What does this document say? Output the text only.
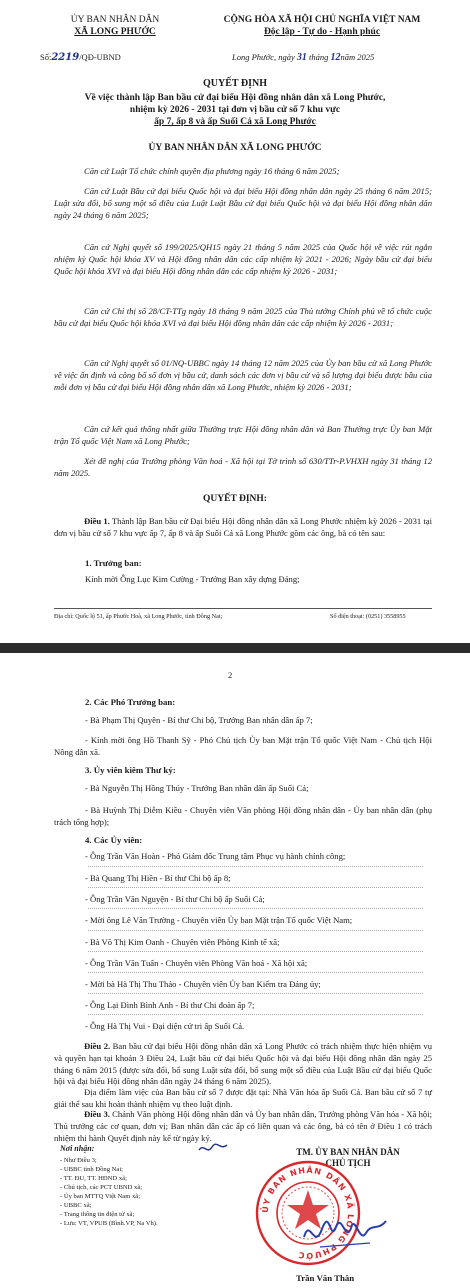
ỦY BAN NHÂN DÂN
XÃ LONG PHƯỚC
CỘNG HÒA XÃ HỘI CHỦ NGHĨA VIỆT NAM
Độc lập - Tự do - Hạnh phúc
Số:2219/QĐ-UBND	Long Phước, ngày 31 tháng 12năm 2025
QUYẾT ĐỊNH
Về việc thành lập Ban bầu cử đại biểu Hội đồng nhân dân xã Long Phước,
nhiệm kỳ 2026 - 2031 tại đơn vị bầu cử số 7 khu vực
ấp 7, ấp 8 và ấp Suối Cả xã Long Phước
ỦY BAN NHÂN DÂN XÃ LONG PHƯỚC

Căn cứ Luật Tổ chức chính quyền địa phương ngày 16 tháng 6 năm 2025;

Căn cứ Luật Bầu cử đại biểu Quốc hội và đại biểu Hội đồng nhân dân ngày 25 tháng 6 năm 2015; Luật sửa đổi, bổ sung một số điều của Luật Luật Bầu cử đại biểu Quốc hội và đại biểu Hội đồng nhân dân ngày 24 tháng 6 năm 2025;

Căn cứ Nghị quyết số 199/2025/QH15 ngày 21 tháng 5 năm 2025 của Quốc hội về việc rút ngắn nhiệm kỳ Quốc hội khóa XV và Hội đồng nhân dân các cấp nhiệm kỳ 2021 - 2026; Ngày bầu cử đại biểu Quốc hội khóa XVI và đại biểu Hội đồng nhân dân các cấp nhiệm kỳ 2026 - 2031;

Căn cứ Chỉ thị số 28/CT-TTg ngày 18 tháng 9 năm 2025 của Thủ tướng Chính phủ về tổ chức cuộc bầu cử đại biểu Quốc hội khóa XVI và đại biểu Hội đồng nhân dân các cấp nhiệm kỳ 2026 - 2031;

Căn cứ Nghị quyết số 01/NQ-UBBC ngày 14 tháng 12 năm 2025 của Ủy ban bầu cử xã Long Phước về việc ấn định và công bố số đơn vị bầu cử, danh sách các đơn vị bầu cử và số lượng đại biểu được bầu của mỗi đơn vị bầu cử đại biểu Hội đồng nhân dân xã Long Phước, nhiệm kỳ 2026 - 2031;

Căn cứ kết quả thống nhất giữa Thường trực Hội đồng nhân dân và Ban Thường trực Ủy ban Mặt trận Tổ quốc Việt Nam xã Long Phước;

Xét đề nghị của Trưởng phòng Văn hoá - Xã hội tại Tờ trình số 630/TTr-P.VHXH ngày 31 tháng 12 năm 2025.

QUYẾT ĐỊNH:

Điều 1. Thành lập Ban bầu cử Đại biểu Hội đồng nhân dân xã Long Phước nhiệm kỳ 2026 - 2031 tại đơn vị bầu cử số 7 khu vực ấp 7, ấp 8 và ấp Suối Cả xã Long Phước gồm các ông, bà có tên sau:

1. Trưởng ban:
Kính mời Ông Lục Kim Cường - Trưởng Ban xây dựng Đảng;
Địa chỉ: Quốc lộ 51, ấp Phước Hoà, xã Long Phước, tỉnh Đồng Nai;	Số điện thoại: (0251) 3558955
2
2. Các Phó Trưởng ban:
- Bà Phạm Thị Quyên - Bí thư Chi bộ, Trưởng Ban nhân dân ấp 7;

- Kính mời ông Hồ Thanh Sỹ - Phó Chủ tịch Ủy ban Mặt trận Tổ quốc Việt Nam - Chủ tịch Hội Nông dân xã.

3. Ủy viên kiêm Thư ký:
- Bà Nguyễn Thị Hồng Thúy - Trưởng Ban nhân dân ấp Suối Cả;

- Bà Huỳnh Thị Diễm Kiều - Chuyên viên Văn phòng Hội đồng nhân dân - Ủy ban nhân dân (phụ trách tổng hợp);

4. Các Ủy viên:
- Ông Trần Văn Hoàn - Phó Giám đốc Trung tâm Phục vụ hành chính công;
- Bà Quang Thị Hiền - Bí thư Chi bộ ấp 8;
- Ông Trần Văn Nguyện - Bí thư Chi bộ ấp Suối Cả;
- Mời ông Lê Văn Trường - Chuyên viên Ủy ban Mặt trận Tổ quốc Việt Nam;
- Bà Võ Thị Kim Oanh - Chuyên viên Phòng Kinh tế xã;
- Ông Trần Văn Tuấn - Chuyên viên Phòng Văn hoá - Xã hội xã;
- Mời bà Hà Thị Thu Thảo - Chuyên viên Ủy ban Kiểm tra Đảng ủy;
- Ông Lại Đình Bình Anh - Bí thư Chi đoàn ấp 7;
- Ông Hà Thị Vui - Đại diện cử tri ấp Suối Cả.

Điều 2. Ban bầu cử đại biểu Hội đồng nhân dân xã Long Phước có trách nhiệm thực hiện nhiệm vụ và quyền hạn tại khoản 3 Điều 24, Luật bầu cử đại biểu Quốc hội và đại biểu Hội đồng nhân dân ngày 25 tháng 6 năm 2015 (được sửa đổi, bổ sung Luật sửa đổi, bổ sung một số điều của Luật Bầu cử đại biểu Quốc hội và đại biểu Hội đồng nhân dân ngày 24 tháng 6 năm 2025).

Địa điểm làm việc của Ban bầu cử số 7 được đặt tại: Nhà Văn hóa ấp Suối Cả. Ban bầu cử số 7 tự giải thể sau khi hoàn thành nhiệm vụ theo luật định.

Điều 3. Chánh Văn phòng Hội đồng nhân dân và Ủy ban nhân dân, Trưởng phòng Văn hóa - Xã hội; Thủ trưởng các cơ quan, đơn vị; Ban nhân dân các ấp có liên quan và các ông, bà có tên ở Điều 1 có trách nhiệm thi hành Quyết định này kể từ ngày ký.

Nơi nhận:
- Như Điều 3;
- UBBC tỉnh Đồng Nai;
- TT. ĐU, TT. HĐND xã;
- Chủ tịch, các PCT UBND xã;
- Ủy ban MTTQ Việt Nam xã;
- UBBC xã;
- Trang thông tin điện tử xã;
- Lưu: VT, VPUB (Bình.VP, Na Vh).
TM. ỦY BAN NHÂN DÂN
CHỦ TỊCH
ỦY BAN NHÂN DÂN XÃ LONG PHƯỚC
Trần Văn Thân
